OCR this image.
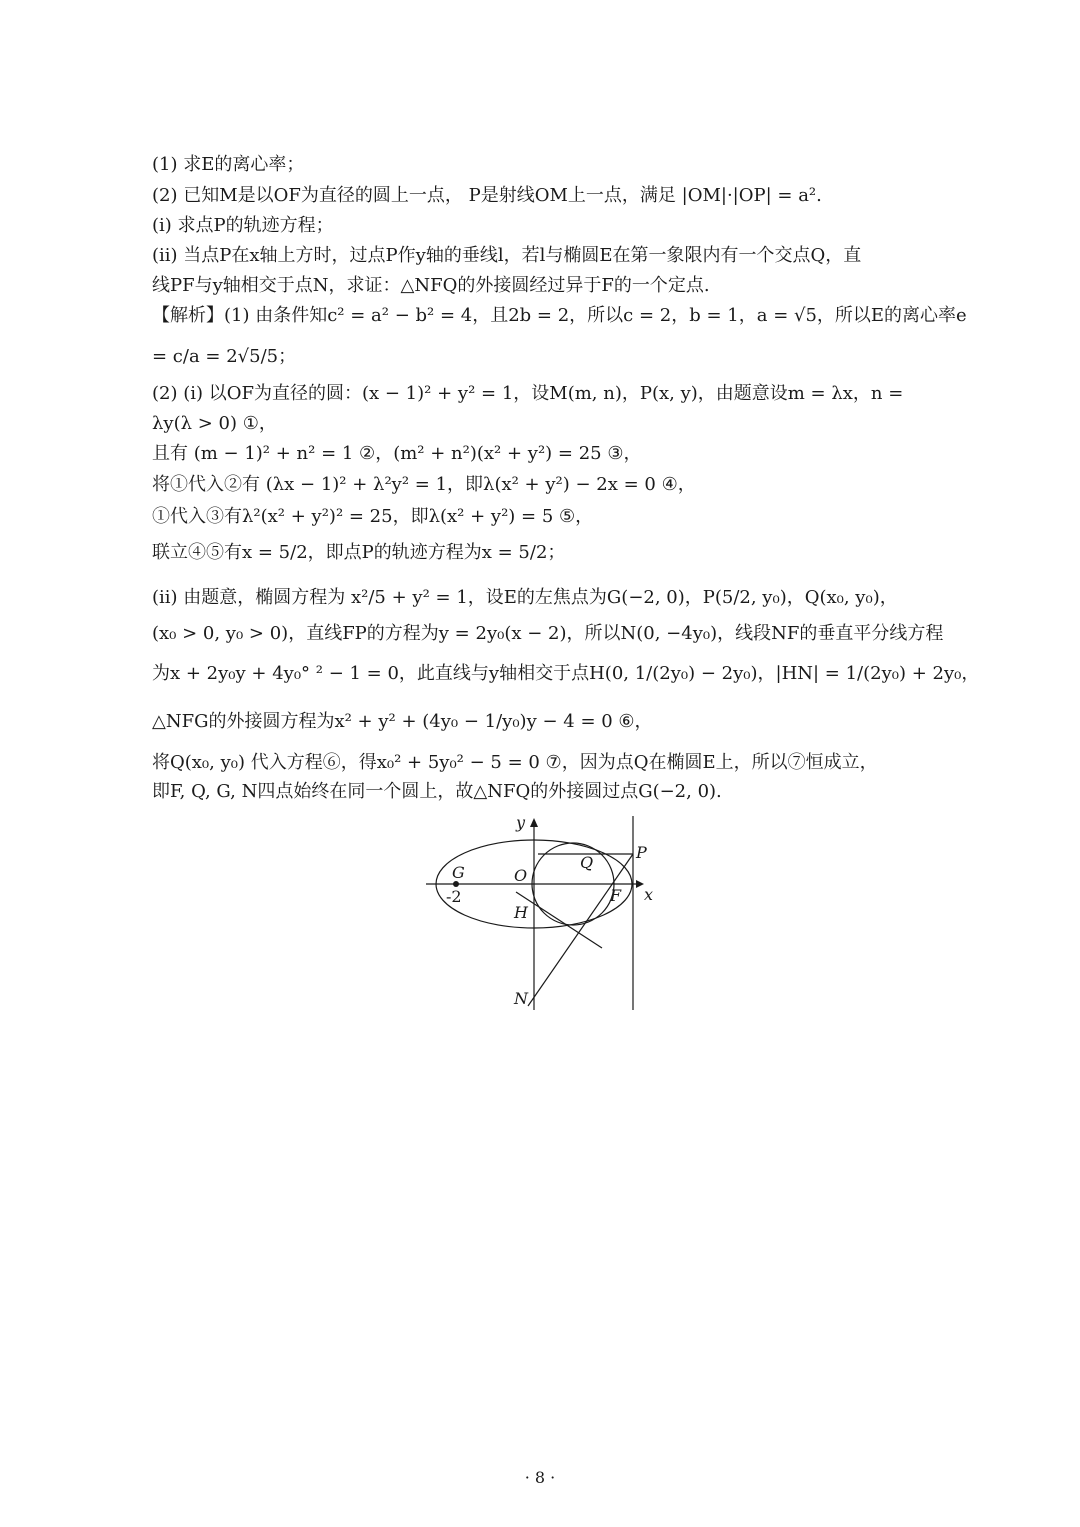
(1) 求E的离心率；
(2) 已知M是以OF为直径的圆上一点， P是射线OM上一点，满足 |OM|·|OP| = a².
(i) 求点P的轨迹方程；
(ii) 当点P在x轴上方时，过点P作y轴的垂线l，若l与椭圆E在第一象限内有一个交点Q，直
线PF与y轴相交于点N，求证：△NFQ的外接圆经过异于F的一个定点.
【解析】(1) 由条件知c² = a² − b² = 4，且2b = 2，所以c = 2，b = 1，a = √5，所以E的离心率e
= c/a = 2√5/5；
(2) (i) 以OF为直径的圆：(x − 1)² + y² = 1，设M(m, n)，P(x, y)，由题意设m = λx，n =
λy(λ > 0) ①，
且有 (m − 1)² + n² = 1 ②，(m² + n²)(x² + y²) = 25 ③，
将①代入②有 (λx − 1)² + λ²y² = 1，即λ(x² + y²) − 2x = 0 ④，
①代入③有λ²(x² + y²)² = 25，即λ(x² + y²) = 5 ⑤，
联立④⑤有x = 5/2，即点P的轨迹方程为x = 5/2；
(ii) 由题意，椭圆方程为 x²/5 + y² = 1，设E的左焦点为G(−2, 0)，P(5/2, y₀)，Q(x₀, y₀)，
(x₀ > 0, y₀ > 0)，直线FP的方程为y = 2y₀(x − 2)，所以N(0, −4y₀)，线段NF的垂直平分线方程
为x + 2y₀y + 4y₀° ² − 1 = 0，此直线与y轴相交于点H(0, 1/(2y₀) − 2y₀)，|HN| = 1/(2y₀) + 2y₀，
△NFG的外接圆方程为x² + y² + (4y₀ − 1/y₀)y − 4 = 0 ⑥，
将Q(x₀, y₀) 代入方程⑥，得x₀² + 5y₀² − 5 = 0 ⑦，因为点Q在椭圆E上，所以⑦恒成立，
即F, Q, G, N四点始终在同一个圆上，故△NFQ的外接圆过点G(−2, 0).
y
x
O
G
-2
Q
P
F
H
N
· 8 ·
